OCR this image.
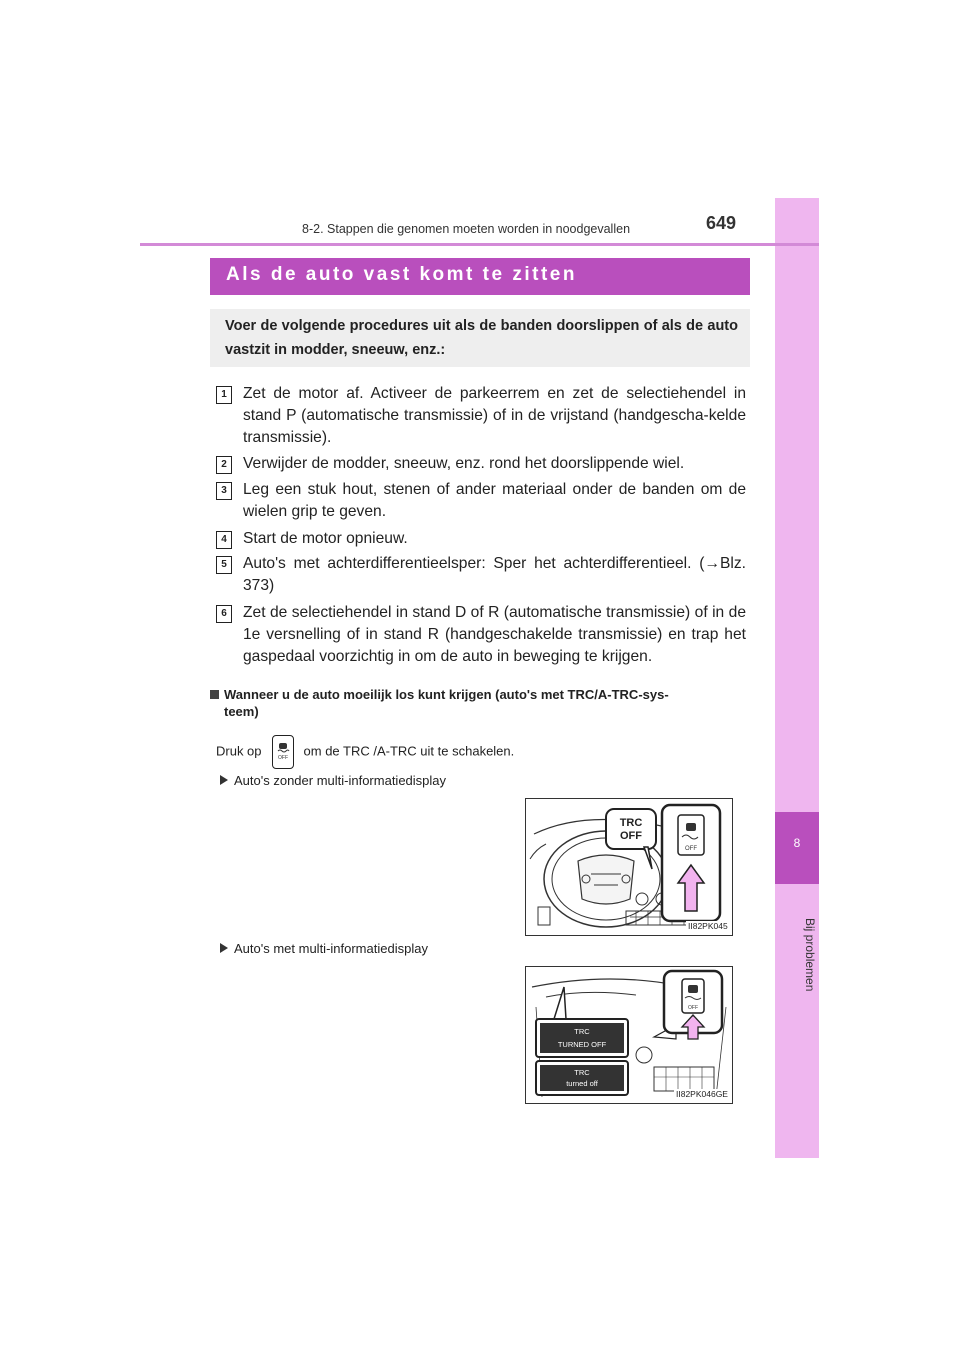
8
Bij problemen
8-2. Stappen die genomen moeten worden in noodgevallen	649
Als de auto vast komt te zitten

Voer de volgende procedures uit als de banden doorslippen of als de auto vastzit in modder, sneeuw, enz.:

1	Zet de motor af. Activeer de parkeerrem en zet de selectiehendel in stand P (automatische transmissie) of in de vrijstand (handgescha-kelde transmissie).
2	Verwijder de modder, sneeuw, enz. rond het doorslippende wiel.
3	Leg een stuk hout, stenen of ander materiaal onder de banden om de wielen grip te geven.
4	Start de motor opnieuw.
5	Auto's met achterdifferentieelsper: Sper het achterdifferentieel. (→Blz. 373)
6	Zet de selectiehendel in stand D of R (automatische transmissie) of in de 1e versnelling of in stand R (handgeschakelde transmissie) en trap het gaspedaal voorzichtig in om de auto in beweging te krijgen.
Wanneer u de auto moeilijk los kunt krijgen (auto's met TRC/A-TRC-sys-
teem)
Druk op	OFF om de TRC /A-TRC uit te schakelen.
Auto's zonder multi-informatiedisplay
TRC
OFF
OFF
II82PK045
Auto's met multi-informatiedisplay
TRC
TURNED OFF
TRC
turned off
OFF
II82PK046GE
